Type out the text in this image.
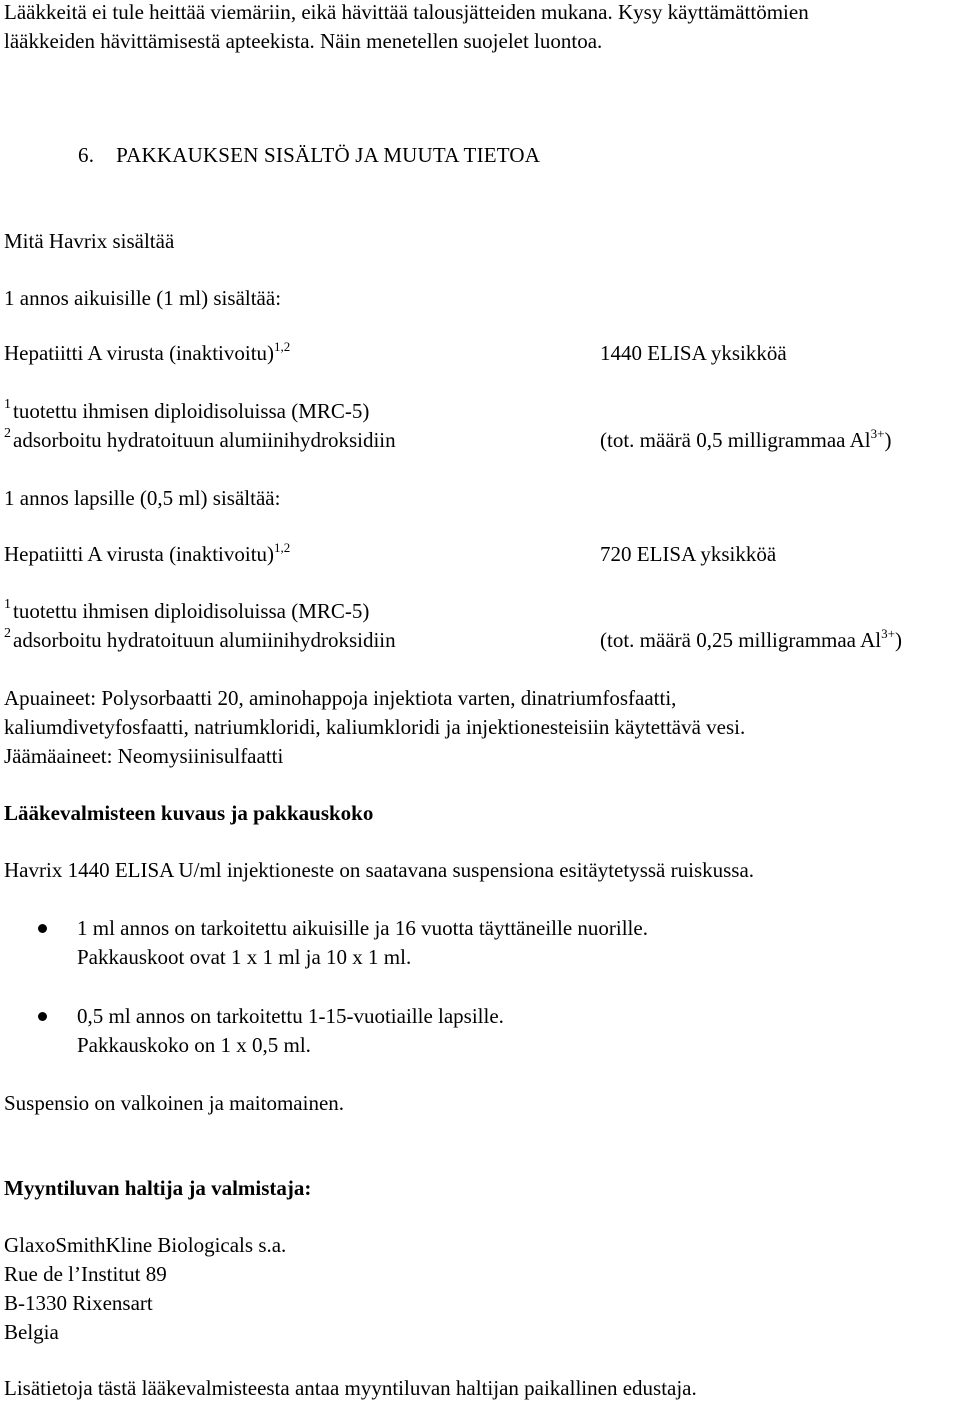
Lääkkeitä ei tule heittää viemäriin, eikä hävittää talousjätteiden mukana. Kysy käyttämättömien
lääkkeiden hävittämisestä apteekista. Näin menetellen suojelet luontoa.
6. PAKKAUKSEN SISÄLTÖ JA MUUTA TIETOA
Mitä Havrix sisältää
1 annos aikuisille (1 ml) sisältää:
Hepatiitti A virusta (inaktivoitu)$^{1,2}$	1440 ELISA yksikköä
$^1$tuotettu ihmisen diploidisoluissa (MRC-5)
$^2$adsorboitu hydratoituun alumiinihydroksidiin	(tot. määrä 0,5 milligrammaa $Al^{3+}$)
1 annos lapsille (0,5 ml) sisältää:
Hepatiitti A virusta (inaktivoitu)$^{1,2}$	720 ELISA yksikköä
$^1$tuotettu ihmisen diploidisoluissa (MRC-5)
$^2$adsorboitu hydratoituun alumiinihydroksidiin	(tot. määrä 0,25 milligrammaa $Al^{3+}$)
Apuaineet: Polysorbaatti 20, aminohappoja injektiota varten, dinatriumfosfaatti,
kaliumdivetyfosfaatti, natriumkloridi, kaliumkloridi ja injektionesteisiin käytettävä vesi.
Jäämäaineet: Neomysiinisulfaatti
Lääkevalmisteen kuvaus ja pakkauskoko
Havrix 1440 ELISA U/ml injektioneste on saatavana suspensiona esitäytetyssä ruiskussa.
1 ml annos on tarkoitettu aikuisille ja 16 vuotta täyttäneille nuorille.
Pakkauskoot ovat 1 x 1 ml ja 10 x 1 ml.
0,5 ml annos on tarkoitettu 1-15-vuotiaille lapsille.
Pakkauskoko on 1 x 0,5 ml.
Suspensio on valkoinen ja maitomainen.
Myyntiluvan haltija ja valmistaja:
GlaxoSmithKline Biologicals s.a.
Rue de l’Institut 89
B-1330 Rixensart
Belgia
Lisätietoja tästä lääkevalmisteesta antaa myyntiluvan haltijan paikallinen edustaja.
